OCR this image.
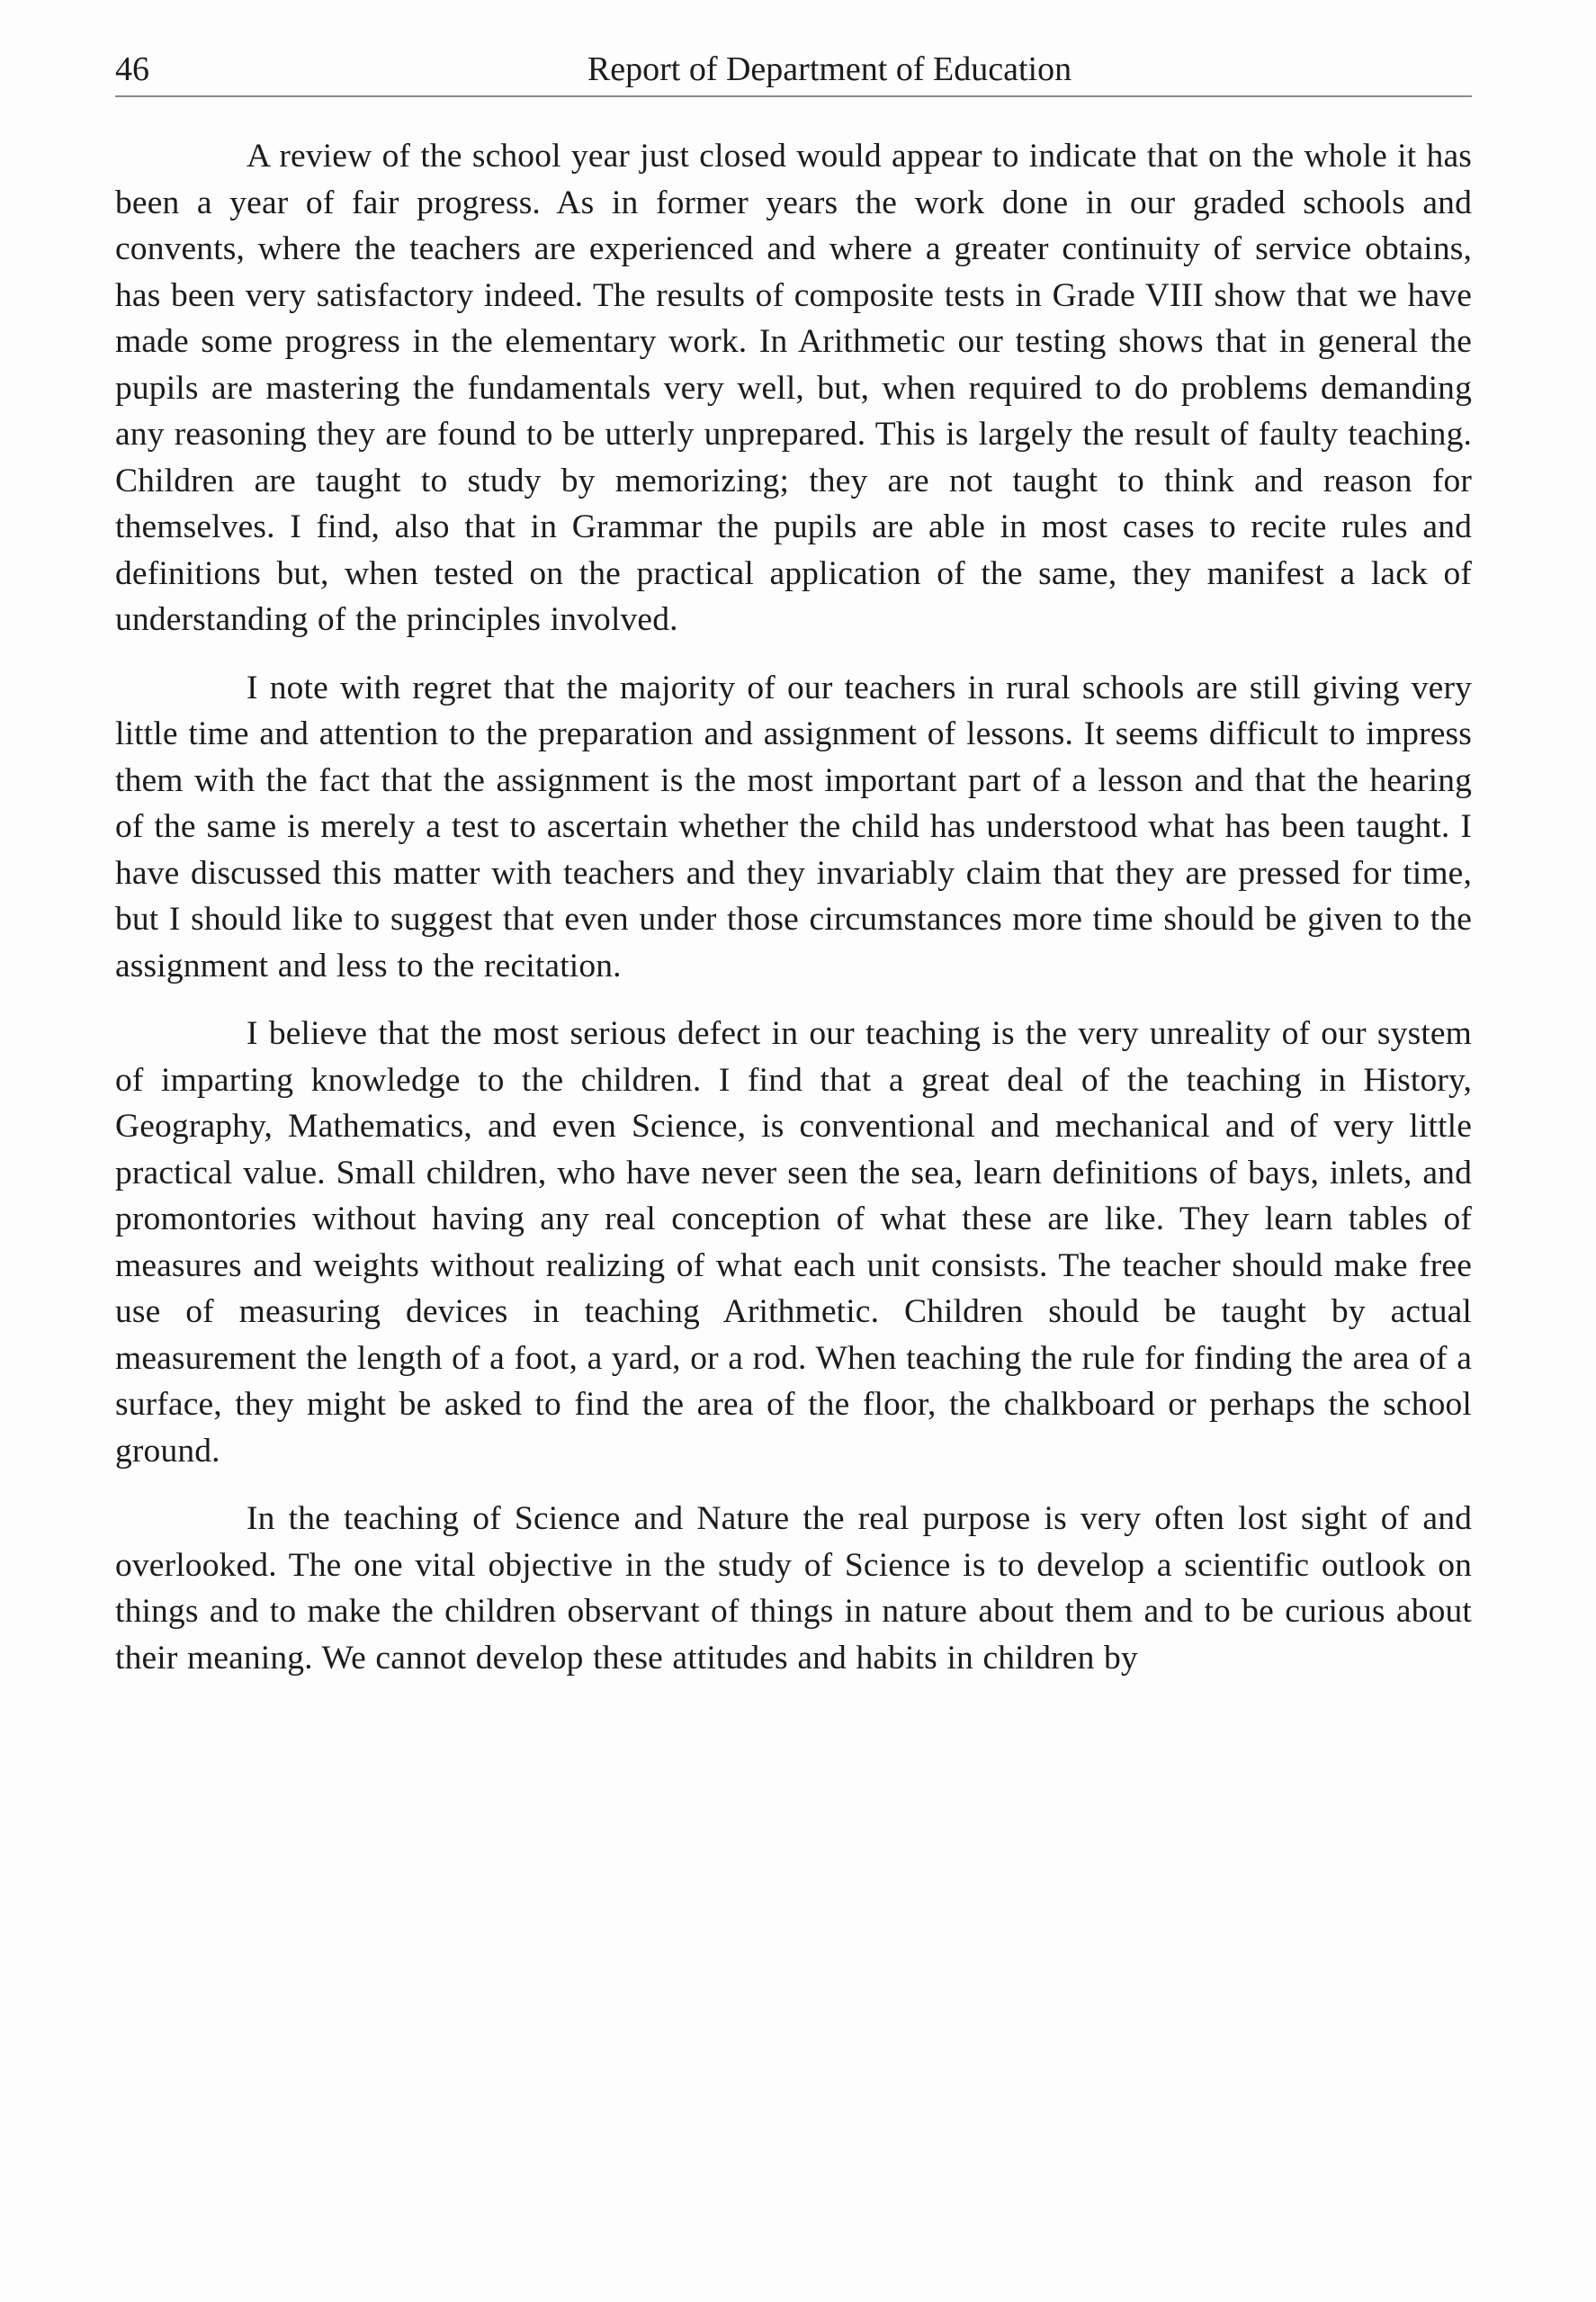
46	Report of Department of Education

A review of the school year just closed would appear to indicate that on the whole it has been a year of fair progress. As in former years the work done in our graded schools and convents, where the teachers are experienced and where a greater continuity of service obtains, has been very satisfactory indeed. The results of composite tests in Grade VIII show that we have made some progress in the elementary work. In Arithmetic our testing shows that in general the pupils are mastering the fundamentals very well, but, when required to do problems demanding any reasoning they are found to be utterly unprepared. This is largely the result of faulty teaching. Children are taught to study by memorizing; they are not taught to think and reason for themselves. I find, also that in Grammar the pupils are able in most cases to recite rules and definitions but, when tested on the practical application of the same, they manifest a lack of understanding of the principles involved.

I note with regret that the majority of our teachers in rural schools are still giving very little time and attention to the preparation and assignment of lessons. It seems difficult to impress them with the fact that the assignment is the most important part of a lesson and that the hearing of the same is merely a test to ascertain whether the child has understood what has been taught. I have discussed this matter with teachers and they invariably claim that they are pressed for time, but I should like to suggest that even under those circumstances more time should be given to the assignment and less to the recitation.

I believe that the most serious defect in our teaching is the very unreality of our system of imparting knowledge to the children. I find that a great deal of the teaching in History, Geography, Mathematics, and even Science, is conventional and mechanical and of very little practical value. Small children, who have never seen the sea, learn definitions of bays, inlets, and promontories without having any real conception of what these are like. They learn tables of measures and weights without realizing of what each unit consists. The teacher should make free use of measuring devices in teaching Arithmetic. Children should be taught by actual measurement the length of a foot, a yard, or a rod. When teaching the rule for finding the area of a surface, they might be asked to find the area of the floor, the chalkboard or perhaps the school ground.

In the teaching of Science and Nature the real purpose is very often lost sight of and overlooked. The one vital objective in the study of Science is to develop a scientific outlook on things and to make the children observant of things in nature about them and to be curious about their meaning. We cannot develop these attitudes and habits in children by
